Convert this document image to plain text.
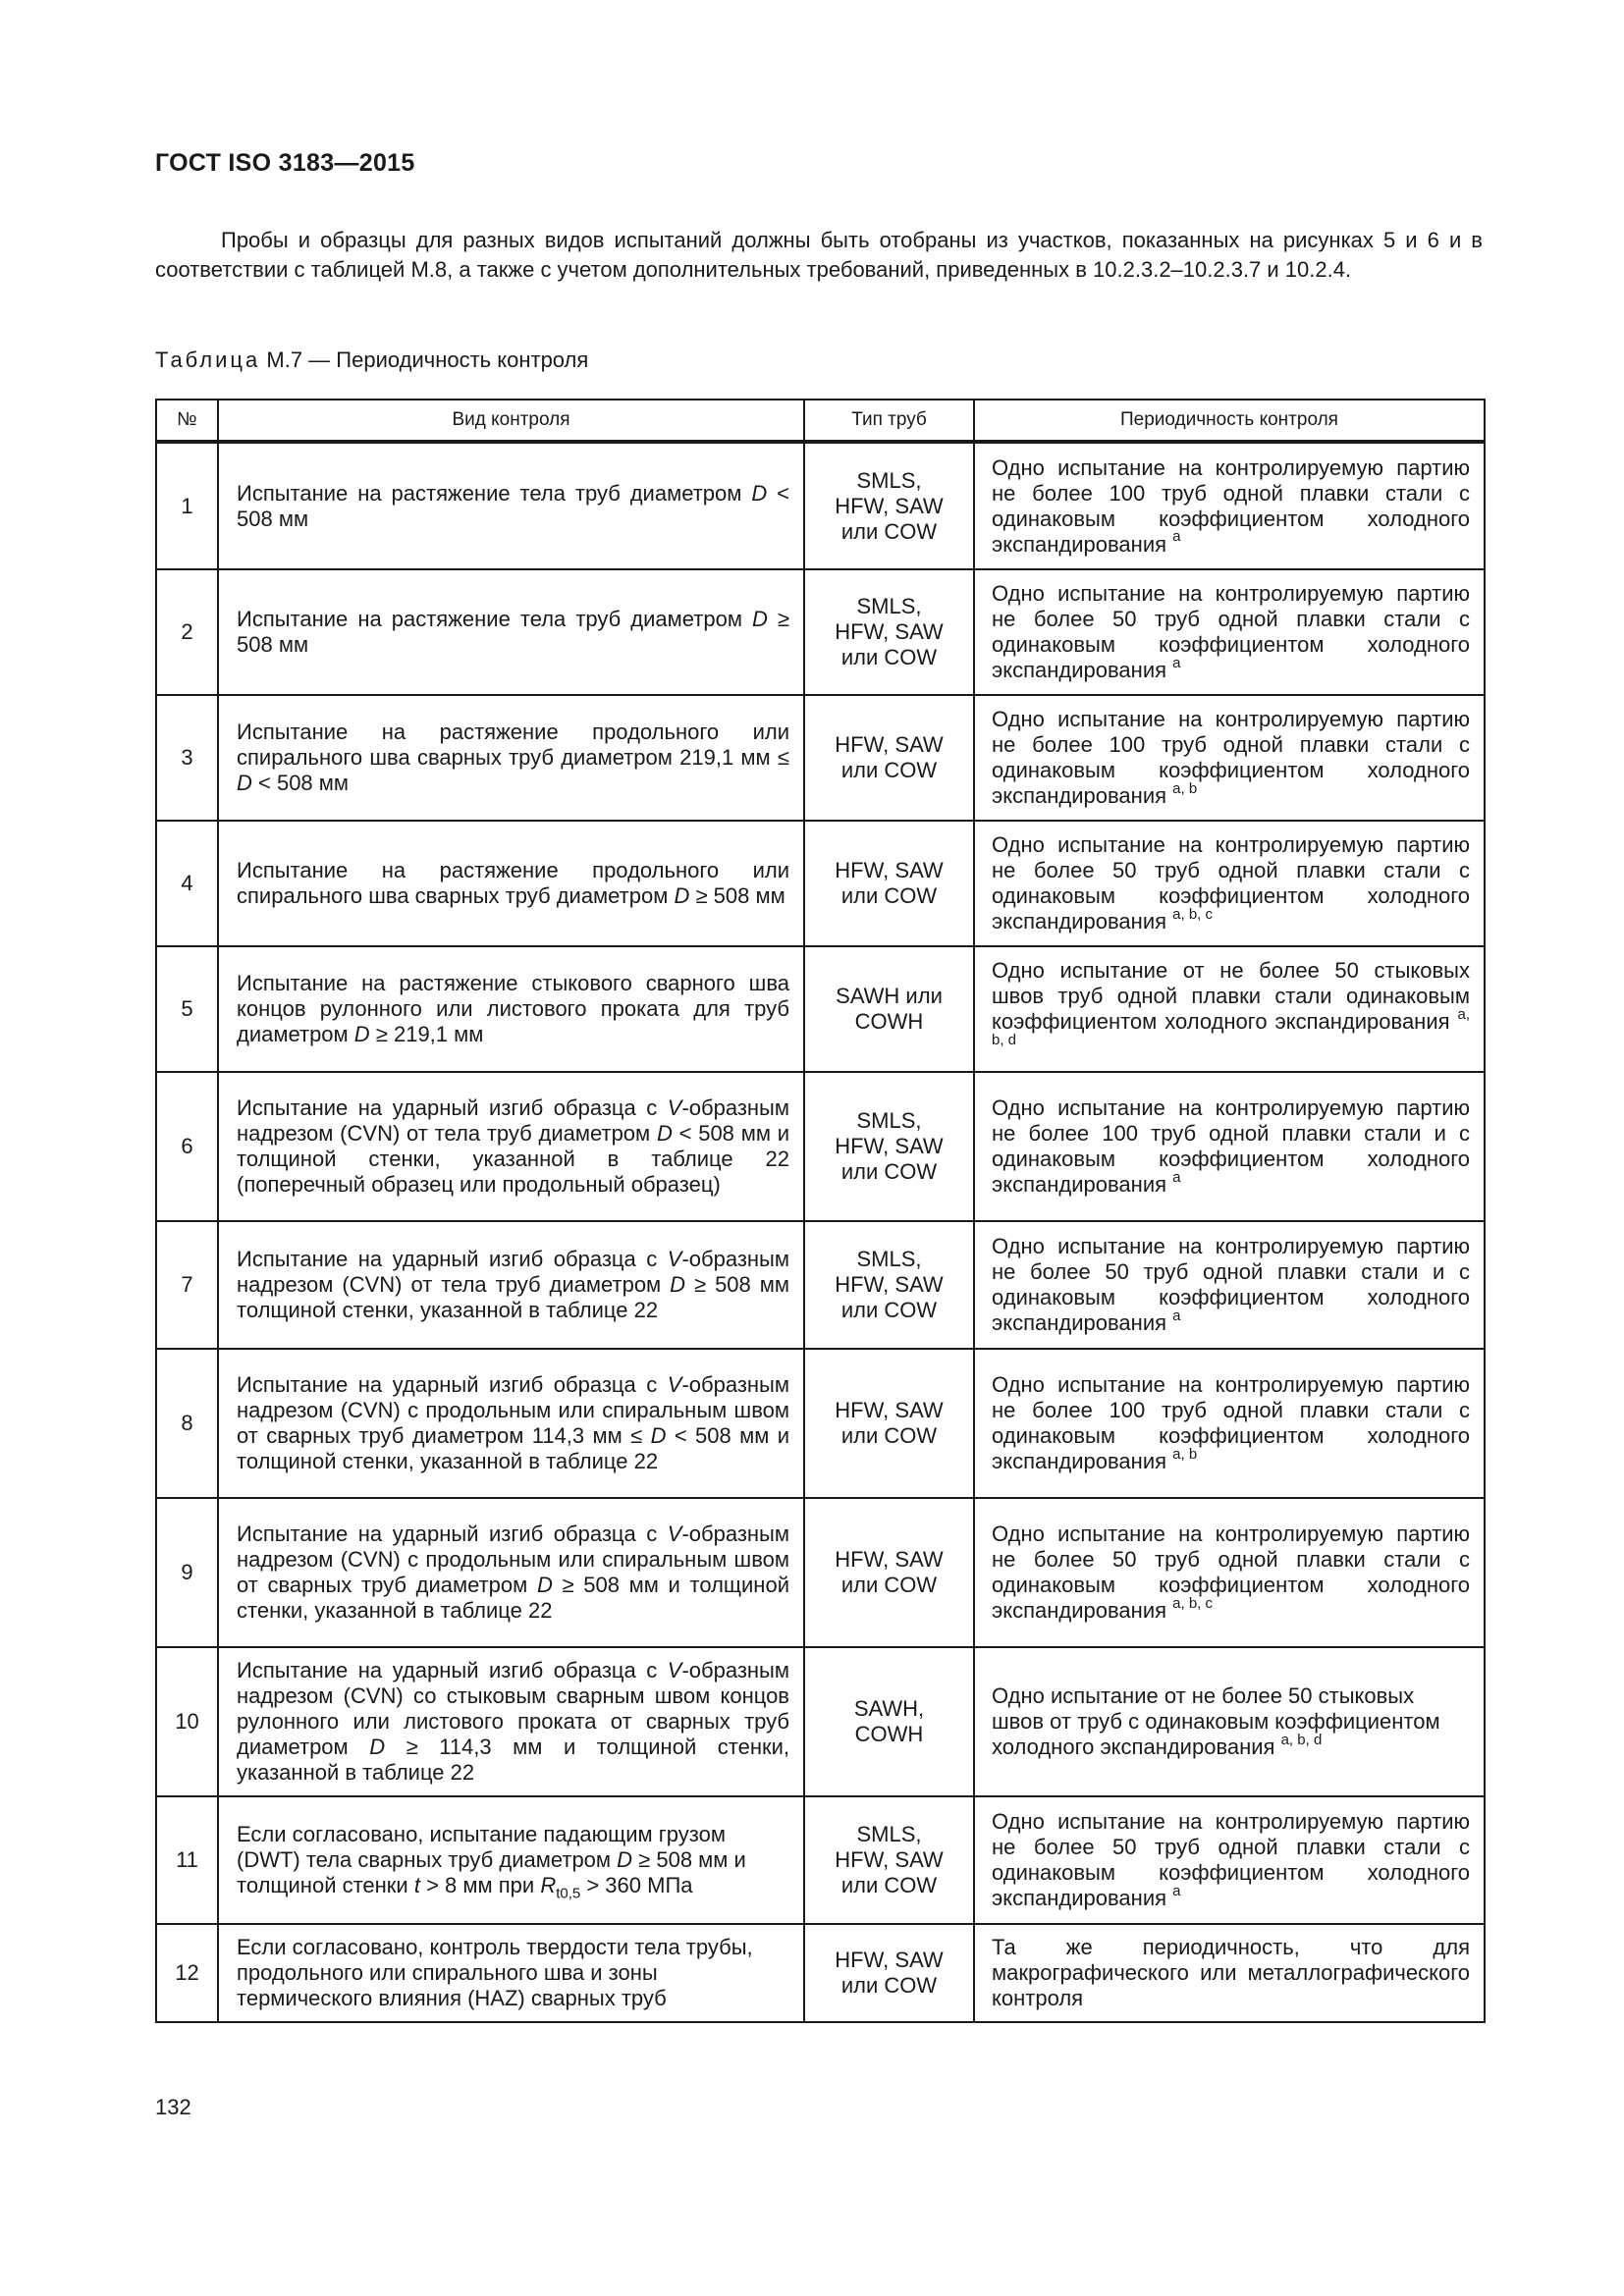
ГОСТ ISO 3183—2015

Пробы и образцы для разных видов испытаний должны быть отобраны из участков, показанных на рисунках 5 и 6 и в соответствии с таблицей М.8, а также с учетом дополнительных требований, приведенных в 10.2.3.2–10.2.3.7 и 10.2.4.

Таблица М.7 — Периодичность контроля
№	Вид контроля	Тип труб	Периодичность контроля
1	Испытание на растяжение тела труб диаметром D < 508 мм	SMLS,
HFW, SAW
или COW	Одно испытание на контролируемую партию не более 100 труб одной плавки стали с одинаковым коэффициентом холодного экспандирования $^a$
2	Испытание на растяжение тела труб диаметром D ≥ 508 мм	SMLS,
HFW, SAW
или COW	Одно испытание на контролируемую партию не более 50 труб одной плавки стали с одинаковым коэффициентом холодного экспандирования $^a$
3	Испытание на растяжение продольного или спирального шва сварных труб диаметром 219,1 мм ≤ D < 508 мм	HFW, SAW
или COW	Одно испытание на контролируемую партию не более 100 труб одной плавки стали с одинаковым коэффициентом холодного экспандирования $^{a, b}$
4	Испытание на растяжение продольного или спирального шва сварных труб диаметром D ≥ 508 мм	HFW, SAW
или COW	Одно испытание на контролируемую партию не более 50 труб одной плавки стали с одинаковым коэффициентом холодного экспандирования $^{a, b, c}$
5	Испытание на растяжение стыкового сварного шва концов рулонного или листового проката для труб диаметром D ≥ 219,1 мм	SAWH или
COWH	Одно испытание от не более 50 стыковых швов труб одной плавки стали одинаковым коэффициентом холодного экспандирования $^{a, b, d}$
6	Испытание на ударный изгиб образца с V-образным надрезом (CVN) от тела труб диаметром D < 508 мм и толщиной стенки, указанной в таблице 22 (поперечный образец или продольный образец)	SMLS,
HFW, SAW
или COW	Одно испытание на контролируемую партию не более 100 труб одной плавки стали и с одинаковым коэффициентом холодного экспандирования $^a$
7	Испытание на ударный изгиб образца с V-образным надрезом (CVN) от тела труб диаметром D ≥ 508 мм толщиной стенки, указанной в таблице 22	SMLS,
HFW, SAW
или COW	Одно испытание на контролируемую партию не более 50 труб одной плавки стали и с одинаковым коэффициентом холодного экспандирования $^a$
8	Испытание на ударный изгиб образца с V-образным надрезом (CVN) с продольным или спиральным швом от сварных труб диаметром 114,3 мм ≤ D < 508 мм и толщиной стенки, указанной в таблице 22	HFW, SAW
или COW	Одно испытание на контролируемую партию не более 100 труб одной плавки стали с одинаковым коэффициентом холодного экспандирования $^{a, b}$
9	Испытание на ударный изгиб образца с V-образным надрезом (CVN) с продольным или спиральным швом от сварных труб диаметром D ≥ 508 мм и толщиной стенки, указанной в таблице 22	HFW, SAW
или COW	Одно испытание на контролируемую партию не более 50 труб одной плавки стали с одинаковым коэффициентом холодного экспандирования $^{a, b, c}$
10	Испытание на ударный изгиб образца с V-образным надрезом (CVN) со стыковым сварным швом концов рулонного или листового проката от сварных труб диаметром D ≥ 114,3 мм и толщиной стенки, указанной в таблице 22	SAWH,
COWH	Одно испытание от не более 50 стыковых швов от труб с одинаковым коэффициентом холодного экспандирования $^{a, b, d}$
11	Если согласовано, испытание падающим грузом (DWT) тела сварных труб диаметром D ≥ 508 мм и толщиной стенки t > 8 мм при $R_{t0,5} > 360$ МПа	SMLS,
HFW, SAW
или COW	Одно испытание на контролируемую партию не более 50 труб одной плавки стали с одинаковым коэффициентом холодного экспандирования $^a$
12	Если согласовано, контроль твердости тела трубы, продольного или спирального шва и зоны термического влияния (HAZ) сварных труб	HFW, SAW
или COW	Та же периодичность, что для макрографического или металлографического контроля
132
